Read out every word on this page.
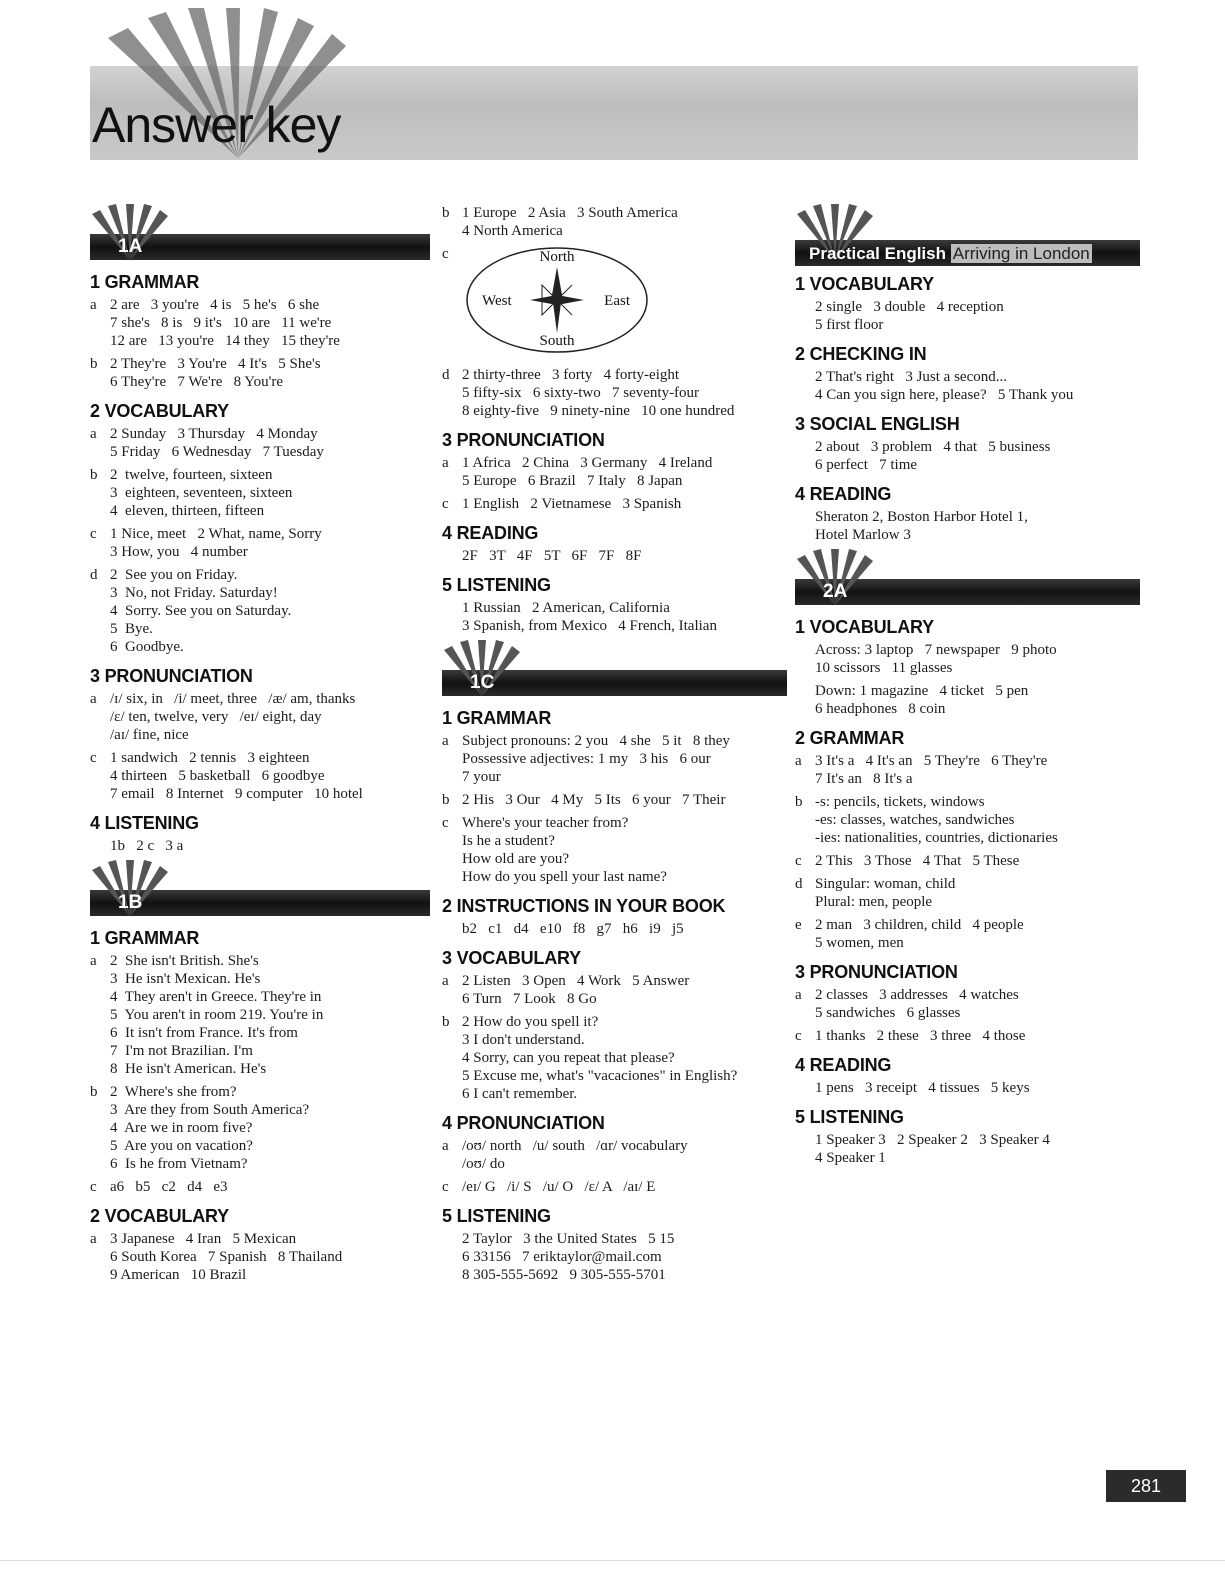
Answer key
1A
1 GRAMMAR
a 2 are   3 you're   4 is   5 he's   6 she
7 she's   8 is   9 it's   10 are   11 we're
12 are   13 you're   14 they   15 they're
b 2 They're   3 You're   4 It's   5 She's
6 They're   7 We're   8 You're
2 VOCABULARY
a 2 Sunday   3 Thursday   4 Monday
5 Friday   6 Wednesday   7 Tuesday
b 2  twelve, fourteen, sixteen
3  eighteen, seventeen, sixteen
4  eleven, thirteen, fifteen
c 1 Nice, meet   2 What, name, Sorry
3 How, you   4 number
d 2  See you on Friday.
3  No, not Friday. Saturday!
4  Sorry. See you on Saturday.
5  Bye.
6  Goodbye.
3 PRONUNCIATION
a /ɪ/ six, in   /i/ meet, three   /æ/ am, thanks
/ɛ/ ten, twelve, very   /eɪ/ eight, day
/aɪ/ fine, nice
c 1 sandwich   2 tennis   3 eighteen
4 thirteen   5 basketball   6 goodbye
7 email   8 Internet   9 computer   10 hotel
4 LISTENING
1b   2 c   3 a
1B
1 GRAMMAR
a 2  She isn't British. She's
3  He isn't Mexican. He's
4  They aren't in Greece. They're in
5  You aren't in room 219. You're in
6  It isn't from France. It's from
7  I'm not Brazilian. I'm
8  He isn't American. He's
b 2  Where's she from?
3  Are they from South America?
4  Are we in room five?
5  Are you on vacation?
6  Is he from Vietnam?
c a6   b5   c2   d4   e3
2 VOCABULARY
a 3 Japanese   4 Iran   5 Mexican
6 South Korea   7 Spanish   8 Thailand
9 American   10 Brazil
b 1 Europe   2 Asia   3 South America
4 North America
c	North
South
West	East
d 2 thirty-three   3 forty   4 forty-eight
5 fifty-six   6 sixty-two   7 seventy-four
8 eighty-five   9 ninety-nine   10 one hundred
3 PRONUNCIATION
a 1 Africa   2 China   3 Germany   4 Ireland
5 Europe   6 Brazil   7 Italy   8 Japan
c 1 English   2 Vietnamese   3 Spanish
4 READING
2F   3T   4F   5T   6F   7F   8F
5 LISTENING
1 Russian   2 American, California
3 Spanish, from Mexico   4 French, Italian
1C
1 GRAMMAR
a Subject pronouns: 2 you   4 she   5 it   8 they
Possessive adjectives: 1 my   3 his   6 our
7 your
b 2 His   3 Our   4 My   5 Its   6 your   7 Their
c Where's your teacher from?
Is he a student?
How old are you?
How do you spell your last name?
2 INSTRUCTIONS IN YOUR BOOK
b2   c1   d4   e10   f8   g7   h6   i9   j5
3 VOCABULARY
a 2 Listen   3 Open   4 Work   5 Answer
6 Turn   7 Look   8 Go
b 2 How do you spell it?
3 I don't understand.
4 Sorry, can you repeat that please?
5 Excuse me, what's "vacaciones" in English?
6 I can't remember.
4 PRONUNCIATION
a /oʊ/ north   /u/ south   /ɑr/ vocabulary
/oʊ/ do
c /eɪ/ G   /i/ S   /u/ O   /ɛ/ A   /aɪ/ E
5 LISTENING
2 Taylor   3 the United States   5 15
6 33156   7 eriktaylor@mail.com
8 305-555-5692   9 305-555-5701
Practical English Arriving in London
1 VOCABULARY
2 single   3 double   4 reception
5 first floor
2 CHECKING IN
2 That's right   3 Just a second...
4 Can you sign here, please?   5 Thank you
3 SOCIAL ENGLISH
2 about   3 problem   4 that   5 business
6 perfect   7 time
4 READING
Sheraton 2, Boston Harbor Hotel 1,
Hotel Marlow 3
2A
1 VOCABULARY
Across: 3 laptop   7 newspaper   9 photo
10 scissors   11 glasses
Down: 1 magazine   4 ticket   5 pen
6 headphones   8 coin
2 GRAMMAR
a 3 It's a   4 It's an   5 They're   6 They're
7 It's an   8 It's a
b -s: pencils, tickets, windows
-es: classes, watches, sandwiches
-ies: nationalities, countries, dictionaries
c 2 This   3 Those   4 That   5 These
d Singular: woman, child
Plural: men, people
e 2 man   3 children, child   4 people
5 women, men
3 PRONUNCIATION
a 2 classes   3 addresses   4 watches
5 sandwiches   6 glasses
c 1 thanks   2 these   3 three   4 those
4 READING
1 pens   3 receipt   4 tissues   5 keys
5 LISTENING
1 Speaker 3   2 Speaker 2   3 Speaker 4
4 Speaker 1
281
